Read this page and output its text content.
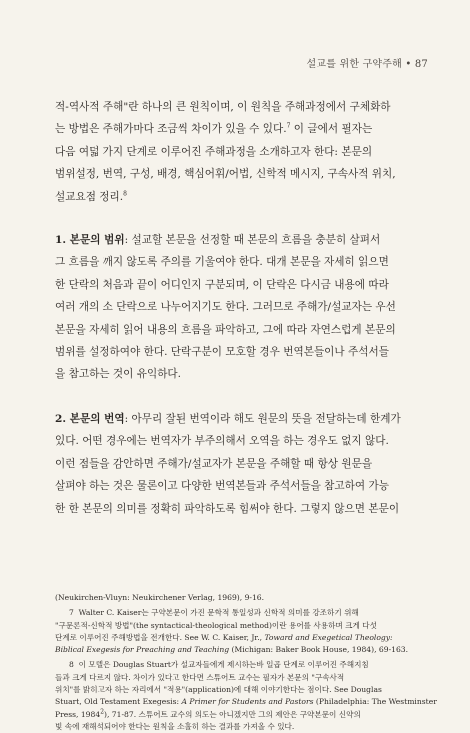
설교를 위한 구약주해 • 87
적-역사적 주해"란 하나의 큰 원칙이며, 이 원칙을 주해과정에서 구체화하
는 방법은 주해가마다 조금씩 차이가 있을 수 있다.$^7$ 이 글에서 필자는
다음 여덟 가지 단계로 이루어진 주해과정을 소개하고자 한다: 본문의
범위설정, 번역, 구성, 배경, 핵심어휘/어법, 신학적 메시지, 구속사적 위치,
설교요점 정리.$^8$
1. 본문의 범위: 설교할 본문을 선정할 때 본문의 흐름을 충분히 살펴서
그 흐름을 깨지 않도록 주의를 기울여야 한다. 대개 본문을 자세히 읽으면
한 단락의 처음과 끝이 어디인지 구분되며, 이 단락은 다시금 내용에 따라
여러 개의 소 단락으로 나누어지기도 한다. 그러므로 주해가/설교자는 우선
본문을 자세히 읽어 내용의 흐름을 파악하고, 그에 따라 자연스럽게 본문의
범위를 설정하여야 한다. 단락구분이 모호할 경우 번역본들이나 주석서들
을 참고하는 것이 유익하다.
2. 본문의 번역: 아무리 잘된 번역이라 해도 원문의 뜻을 전달하는데 한계가
있다. 어떤 경우에는 번역자가 부주의해서 오역을 하는 경우도 없지 않다.
이런 점들을 감안하면 주해가/설교자가 본문을 주해할 때 항상 원문을
살펴야 하는 것은 물론이고 다양한 번역본들과 주석서들을 참고하여 가능
한 한 본문의 의미를 정확히 파악하도록 힘써야 한다. 그렇지 않으면 본문이
(Neukirchen-Vluyn: Neukirchener Verlag, 1969), 9-16.
7 Walter C. Kaiser는 구약본문이 가진 문학적 통일성과 신학적 의미를 강조하기 위해
"구문론적-신학적 방법"(the syntactical-theological method)이란 용어를 사용하며 크게 다섯
단계로 이루어진 주해방법을 전개한다. See W. C. Kaiser, Jr., Toward and Exegetical Theology:
Biblical Exegesis for Preaching and Teaching (Michigan: Baker Book House, 1984), 69-163.
8 이 모델은 Douglas Stuart가 설교자들에게 제시하는바 일곱 단계로 이루어진 주해지침
들과 크게 다르지 않다. 차이가 있다고 한다면 스튜어트 교수는 필자가 본문의 "구속사적
위치"를 밝히고자 하는 자리에서 "적용"(application)에 대해 이야기한다는 점이다. See Douglas
Stuart, Old Testament Exegesis: A Primer for Students and Pastors (Philadelphia: The Westminster
Press, 1984$^2$), 71-87. 스튜어트 교수의 의도는 아니겠지만 그의 제안은 구약본문이 신약의
빛 속에 재해석되어야 한다는 원칙을 소홀히 하는 결과를 가져올 수 있다.
